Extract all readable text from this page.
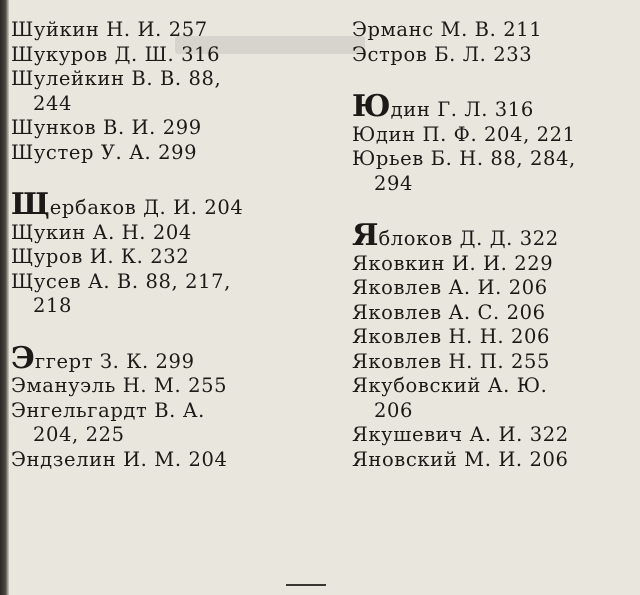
Шуйкин Н. И. 257
Шукуров Д. Ш. 316
Шулейкин В. В. 88,
244
Шунков В. И. 299
Шустер У. А. 299
Щербаков Д. И. 204
Щукин А. Н. 204
Щуров И. К. 232
Щусев А. В. 88, 217,
218
Эггерт З. К. 299
Эмануэль Н. М. 255
Энгельгардт В. А.
204, 225
Эндзелин И. М. 204
Эрманс М. В. 211
Эстров Б. Л. 233
Юдин Г. Л. 316
Юдин П. Ф. 204, 221
Юрьев Б. Н. 88, 284,
294
Яблоков Д. Д. 322
Яковкин И. И. 229
Яковлев А. И. 206
Яковлев А. С. 206
Яковлев Н. Н. 206
Яковлев Н. П. 255
Якубовский А. Ю.
206
Якушевич А. И. 322
Яновский М. И. 206
